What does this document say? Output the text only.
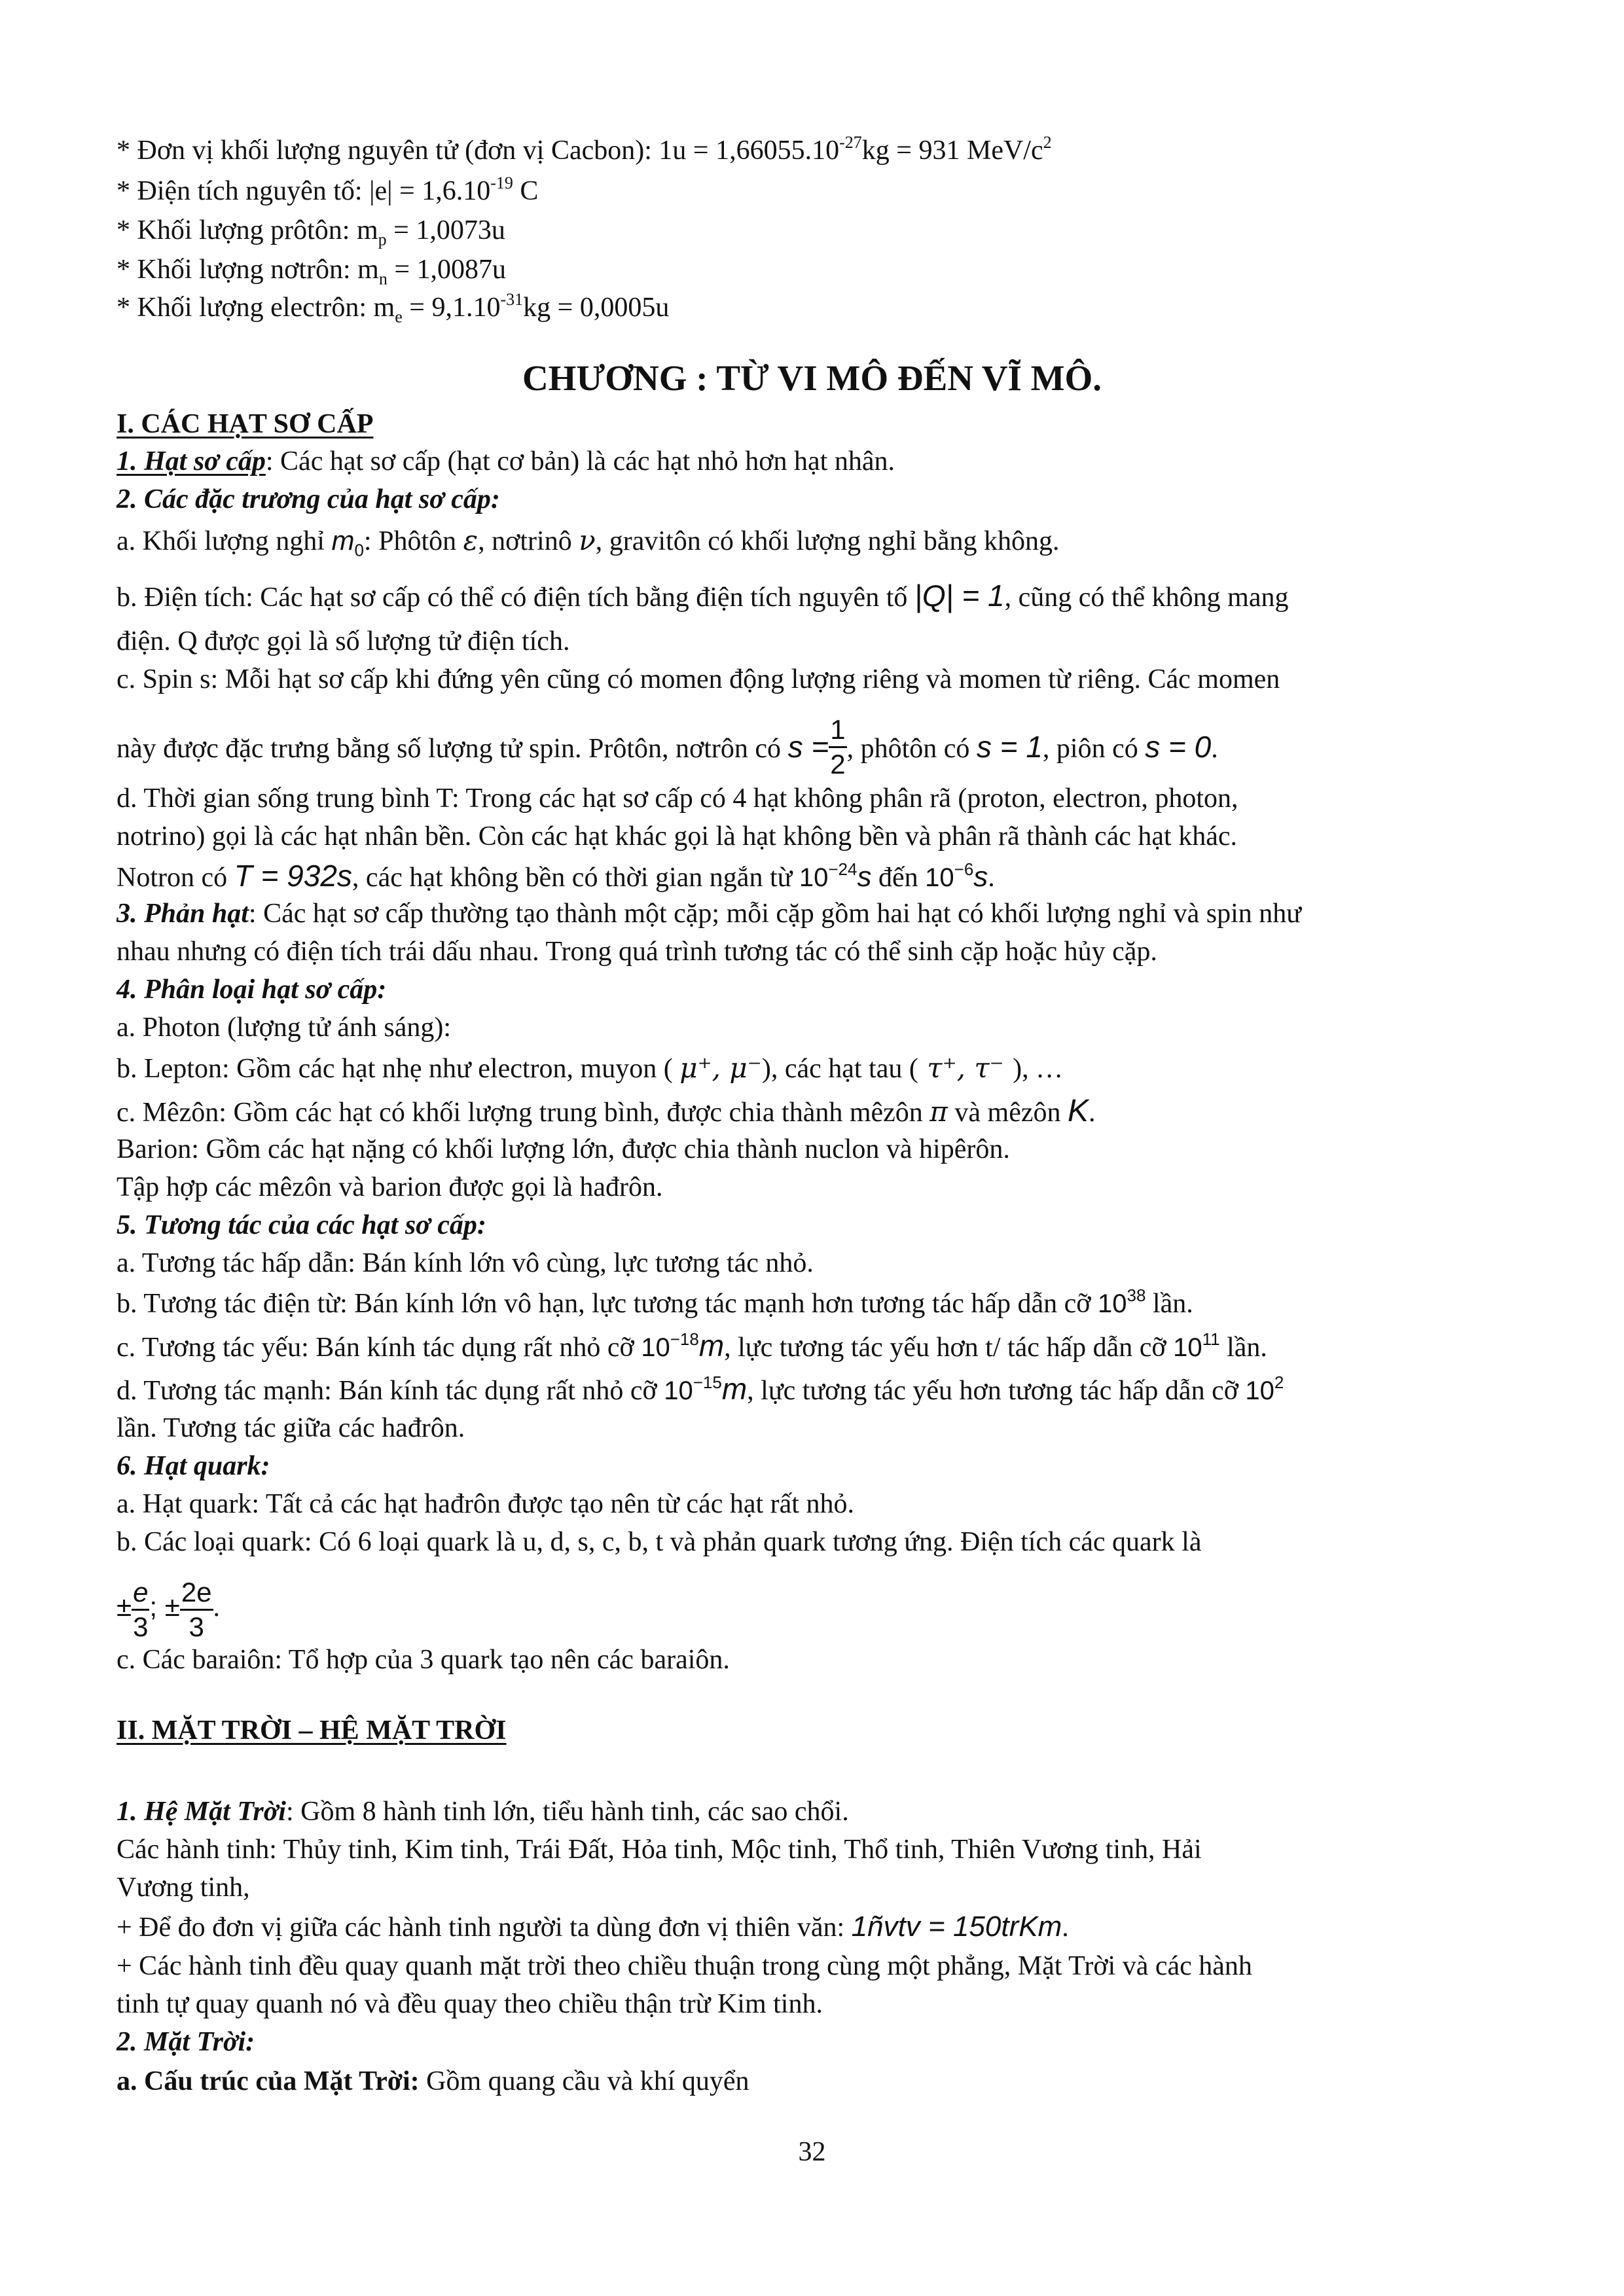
* Đơn vị khối lượng nguyên tử (đơn vị Cacbon): $1u = 1,66055.10^{-27}kg = 931$ MeV/$c^2$
* Điện tích nguyên tố: $|e| = 1,6.10^{-19}$ C
* Khối lượng prôtôn: $m_p = 1,0073u$
* Khối lượng nơtrôn: $m_n = 1,0087u$
* Khối lượng electrôn: $m_e = 9,1.10^{-31}kg = 0,0005u$
CHƯƠNG : TỪ VI MÔ ĐẾN VĨ MÔ.
I. CÁC HẠT SƠ CẤP
1. Hạt sơ cấp: Các hạt sơ cấp (hạt cơ bản) là các hạt nhỏ hơn hạt nhân.
2. Các đặc trương của hạt sơ cấp:
a. Khối lượng nghỉ $m_0$: Phôtôn ε, nơtrinô ν, gravitôn có khối lượng nghỉ bằng không.
b. Điện tích: Các hạt sơ cấp có thể có điện tích bằng điện tích nguyên tố |Q| = 1, cũng có thể không mang
điện. Q được gọi là số lượng tử điện tích.
c. Spin s: Mỗi hạt sơ cấp khi đứng yên cũng có momen động lượng riêng và momen từ riêng. Các momen
này được đặc trưng bằng số lượng tử spin. Prôtôn, nơtrôn có $s = \frac{1}{2}$ , phôtôn có s = 1, piôn có s = 0.
d. Thời gian sống trung bình T: Trong các hạt sơ cấp có 4 hạt không phân rã (proton, electron, photon,
notrino) gọi là các hạt nhân bền. Còn các hạt khác gọi là hạt không bền và phân rã thành các hạt khác.
Notron có T = 932s, các hạt không bền có thời gian ngắn từ $10^{-24}s$ đến $10^{-6}s$.
3. Phản hạt: Các hạt sơ cấp thường tạo thành một cặp; mỗi cặp gồm hai hạt có khối lượng nghỉ và spin như
nhau nhưng có điện tích trái dấu nhau. Trong quá trình tương tác có thể sinh cặp hoặc hủy cặp.
4. Phân loại hạt sơ cấp:
a. Photon (lượng tử ánh sáng):
b. Lepton: Gồm các hạt nhẹ như electron, muyon ( μ⁺, μ⁻), các hạt tau ( τ⁺, τ⁻ ), …
c. Mêzôn: Gồm các hạt có khối lượng trung bình, được chia thành mêzôn π và mêzôn K.
Barion: Gồm các hạt nặng có khối lượng lớn, được chia thành nuclon và hipêrôn.
Tập hợp các mêzôn và barion được gọi là hađrôn.
5. Tương tác của các hạt sơ cấp:
a. Tương tác hấp dẫn: Bán kính lớn vô cùng, lực tương tác nhỏ.
b. Tương tác điện từ: Bán kính lớn vô hạn, lực tương tác mạnh hơn tương tác hấp dẫn cỡ $10^{38}$ lần.
c. Tương tác yếu: Bán kính tác dụng rất nhỏ cỡ $10^{-18}m$, lực tương tác yếu hơn t/ tác hấp dẫn cỡ $10^{11}$ lần.
d. Tương tác mạnh: Bán kính tác dụng rất nhỏ cỡ $10^{-15}m$, lực tương tác yếu hơn tương tác hấp dẫn cỡ $10^2$
lần. Tương tác giữa các hađrôn.
6. Hạt quark:
a. Hạt quark: Tất cả các hạt hađrôn được tạo nên từ các hạt rất nhỏ.
b. Các loại quark: Có 6 loại quark là u, d, s, c, b, t và phản quark tương ứng. Điện tích các quark là
± $\frac{e}{3}$ ; ± $\frac{2e}{3}$ .
c. Các baraiôn: Tổ hợp của 3 quark tạo nên các baraiôn.
II. MẶT TRỜI – HỆ MẶT TRỜI
1. Hệ Mặt Trời: Gồm 8 hành tinh lớn, tiểu hành tinh, các sao chổi.
Các hành tinh: Thủy tinh, Kim tinh, Trái Đất, Hỏa tinh, Mộc tinh, Thổ tinh, Thiên Vương tinh, Hải
Vương tinh,
+ Để đo đơn vị giữa các hành tinh người ta dùng đơn vị thiên văn: 1ñvtv = 150trKm.
+ Các hành tinh đều quay quanh mặt trời theo chiều thuận trong cùng một phẳng, Mặt Trời và các hành
tinh tự quay quanh nó và đều quay theo chiều thận trừ Kim tinh.
2. Mặt Trời:
a. Cấu trúc của Mặt Trời: Gồm quang cầu và khí quyển
32
